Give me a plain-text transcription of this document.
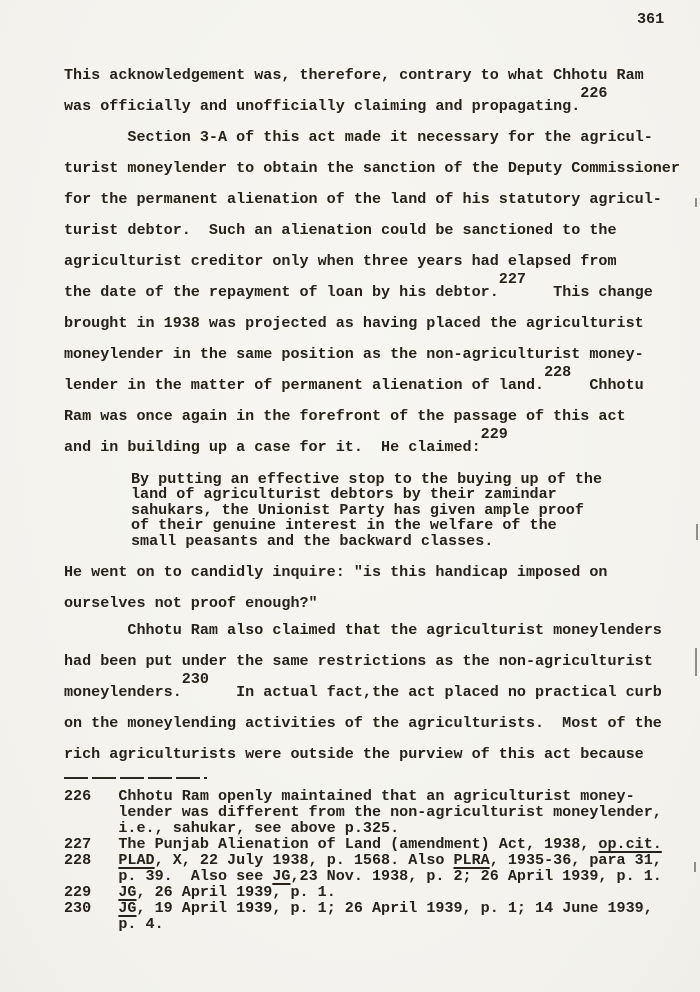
361
This acknowledgement was, therefore, contrary to what Chhotu Ram
was officially and unofficially claiming and propagating.226
Section 3-A of this act made it necessary for the agricul-
turist moneylender to obtain the sanction of the Deputy Commissioner
for the permanent alienation of the land of his statutory agricul-
turist debtor.  Such an alienation could be sanctioned to the
agriculturist creditor only when three years had elapsed from
the date of the repayment of loan by his debtor.227   This change
brought in 1938 was projected as having placed the agriculturist
moneylender in the same position as the non-agriculturist money-
lender in the matter of permanent alienation of land.228  Chhotu
Ram was once again in the forefront of the passage of this act
and in building up a case for it.  He claimed:229
By putting an effective stop to the buying up of the
land of agriculturist debtors by their zamindar
sahukars, the Unionist Party has given ample proof
of their genuine interest in the welfare of the
small peasants and the backward classes.
He went on to candidly inquire: "is this handicap imposed on
ourselves not proof enough?"
Chhotu Ram also claimed that the agriculturist moneylenders
had been put under the same restrictions as the non-agriculturist
moneylenders.230   In actual fact,the act placed no practical curb
on the moneylending activities of the agriculturists.  Most of the
rich agriculturists were outside the purview of this act because
226   Chhotu Ram openly maintained that an agriculturist money-
lender was different from the non-agriculturist moneylender,
i.e., sahukar, see above p.325.
227   The Punjab Alienation of Land (amendment) Act, 1938, op.cit.
228   PLAD, X, 22 July 1938, p. 1568. Also PLRA, 1935-36, para 31,
p. 39.  Also see JG,23 Nov. 1938, p. 2; 26 April 1939, p. 1.
229   JG, 26 April 1939, p. 1.
230   JG, 19 April 1939, p. 1; 26 April 1939, p. 1; 14 June 1939,
p. 4.
